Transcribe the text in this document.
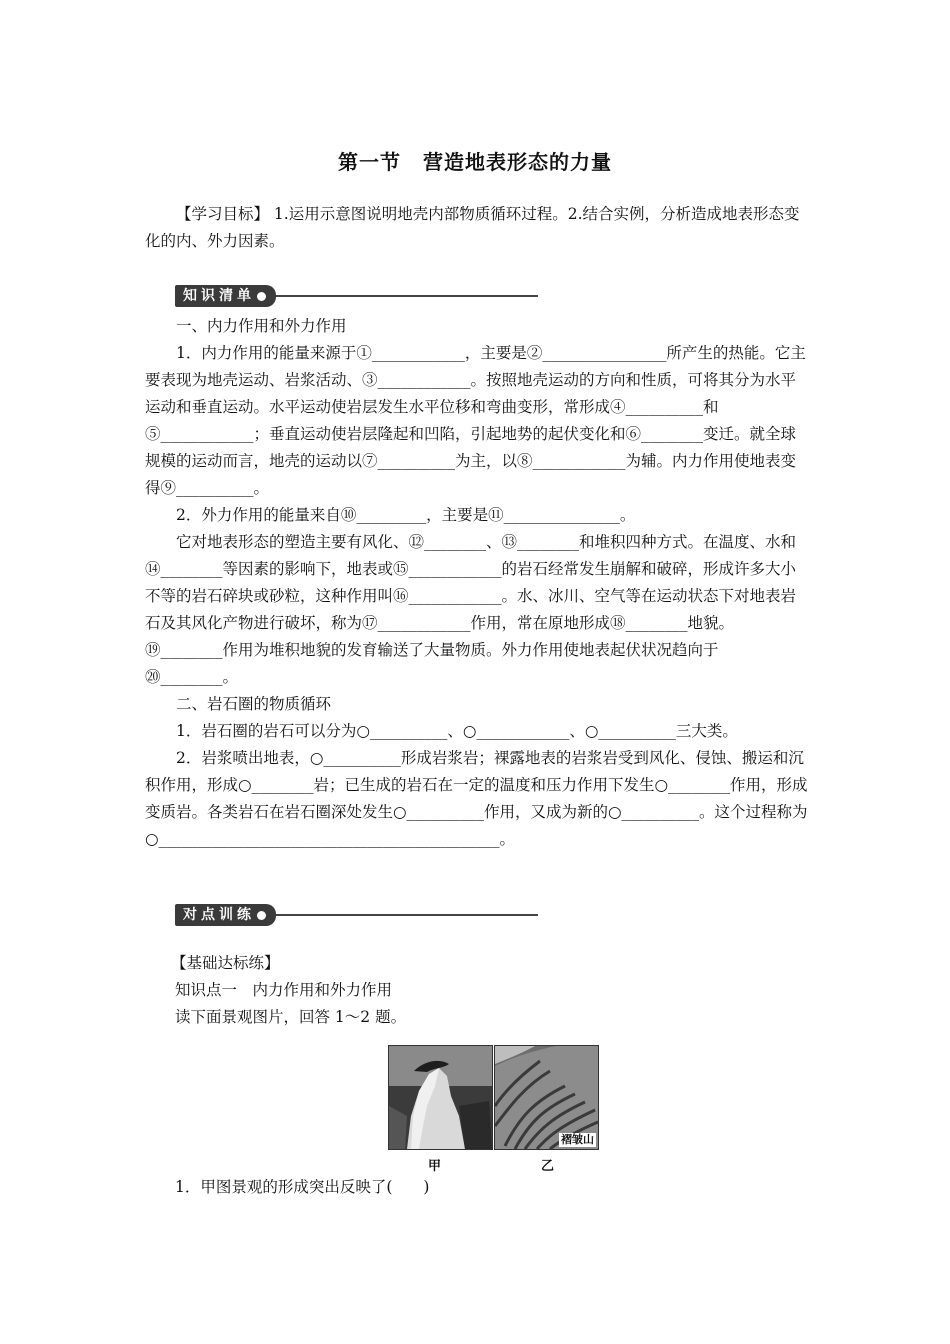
第一节 营造地表形态的力量

【学习目标】 1.运用示意图说明地壳内部物质循环过程。2.结合实例，分析造成地表形态变化的内、外力因素。

知识清单

一、内力作用和外力作用

1．内力作用的能量来源于①____________，主要是②________________所产生的热能。它主要表现为地壳运动、岩浆活动、③____________。按照地壳运动的方向和性质，可将其分为水平运动和垂直运动。水平运动使岩层发生水平位移和弯曲变形，常形成④__________和⑤____________；垂直运动使岩层隆起和凹陷，引起地势的起伏变化和⑥________变迁。就全球规模的运动而言，地壳的运动以⑦__________为主，以⑧____________为辅。内力作用使地表变得⑨__________。

2．外力作用的能量来自⑩_________，主要是⑪_______________。

它对地表形态的塑造主要有风化、⑫________、⑬________和堆积四种方式。在温度、水和⑭________等因素的影响下，地表或⑮____________的岩石经常发生崩解和破碎，形成许多大小不等的岩石碎块或砂粒，这种作用叫⑯____________。水、冰川、空气等在运动状态下对地表岩石及其风化产物进行破坏，称为⑰____________作用，常在原地形成⑱________地貌。⑲________作用为堆积地貌的发育输送了大量物质。外力作用使地表起伏状况趋向于⑳________。

二、岩石圈的物质循环

1．岩石圈的岩石可以分为○__________、○____________、○__________三大类。

2．岩浆喷出地表，○__________形成岩浆岩；裸露地表的岩浆岩受到风化、侵蚀、搬运和沉积作用，形成○________岩；已生成的岩石在一定的温度和压力作用下发生○________作用，形成变质岩。各类岩石在岩石圈深处发生○__________作用，又成为新的○__________。这个过程称为○____________________________________________。

对点训练

【基础达标练】

知识点一　内力作用和外力作用

读下面景观图片，回答 1～2 题。

褶皱山
甲	乙

1．甲图景观的形成突出反映了(　　)
